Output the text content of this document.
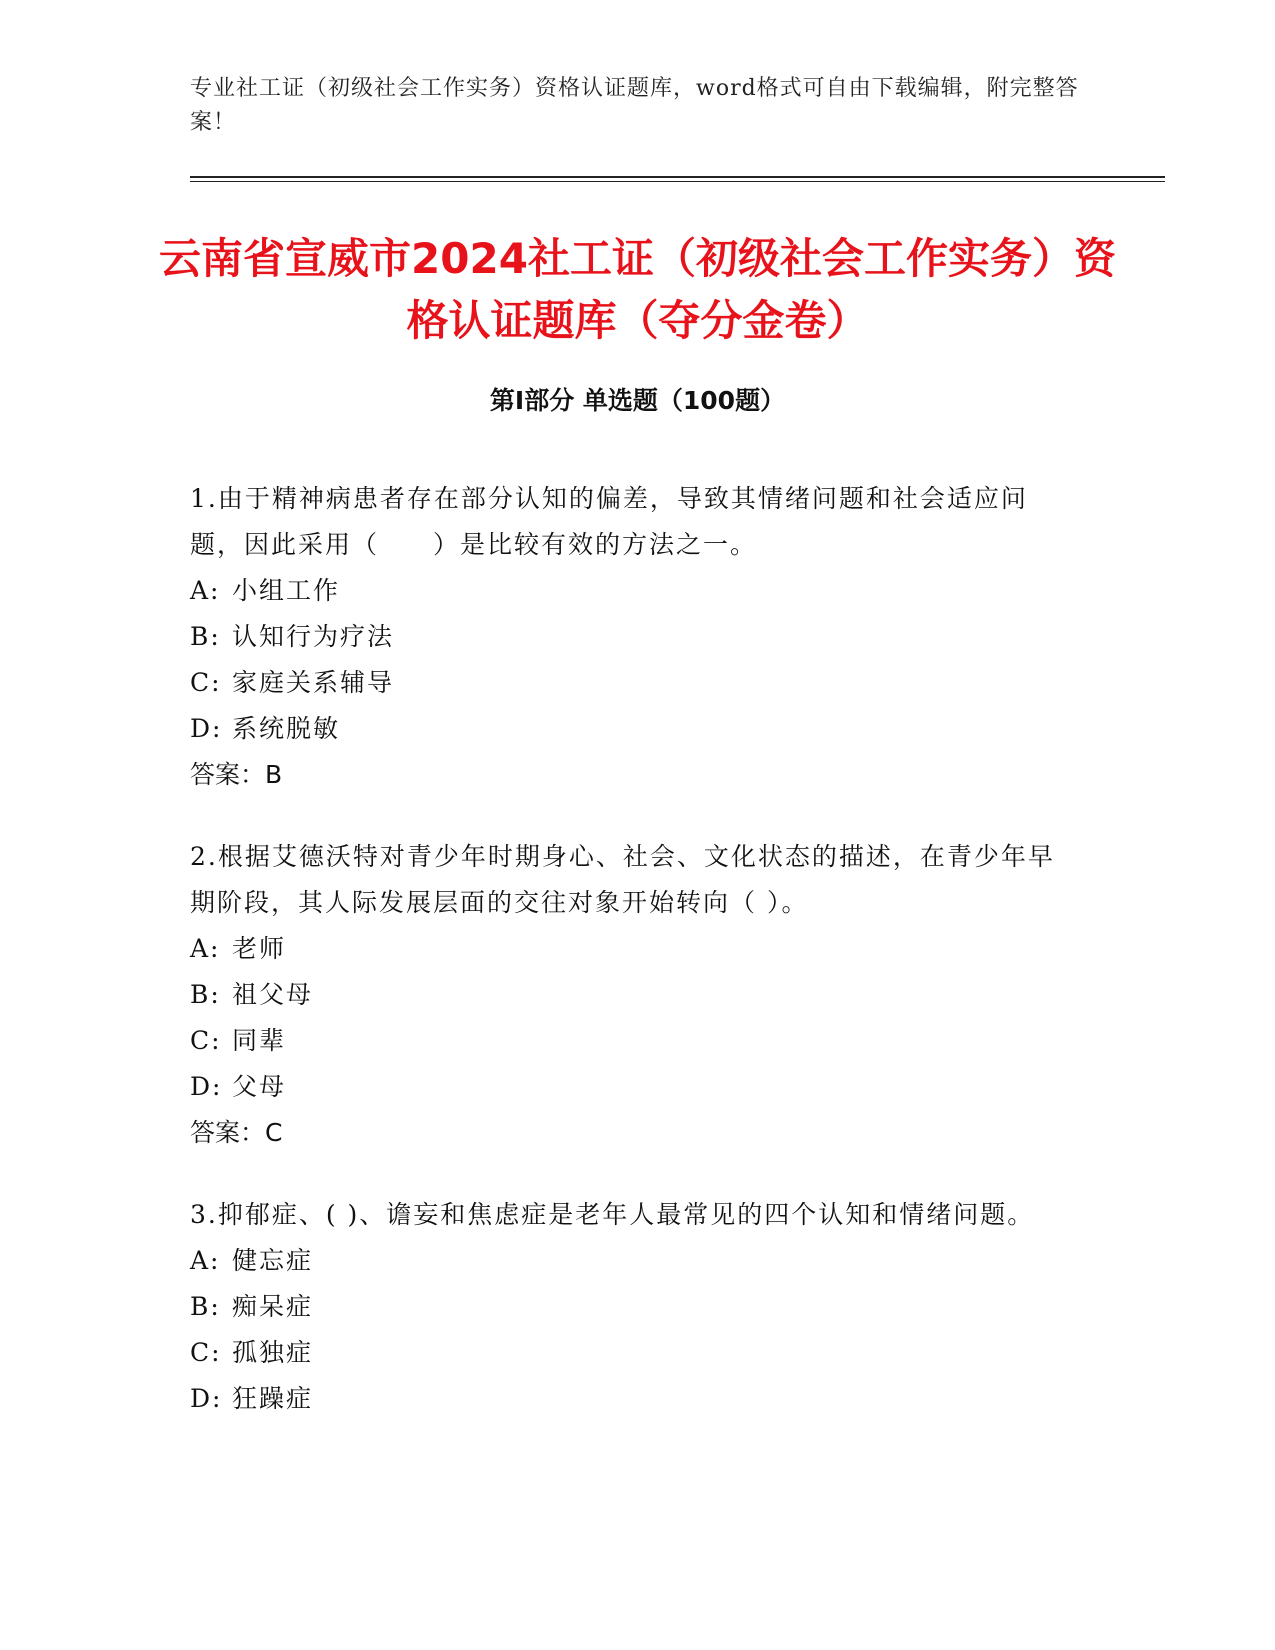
专业社工证（初级社会工作实务）资格认证题库，word格式可自由下载编辑，附完整答案！
云南省宣威市2024社工证（初级社会工作实务）资格认证题库（夺分金卷）
第Ⅰ部分 单选题（100题）
1.由于精神病患者存在部分认知的偏差，导致其情绪问题和社会适应问题，因此采用（　　）是比较有效的方法之一。
A: 小组工作
B: 认知行为疗法
C: 家庭关系辅导
D: 系统脱敏
答案：B
2.根据艾德沃特对青少年时期身心、社会、文化状态的描述，在青少年早期阶段，其人际发展层面的交往对象开始转向（ ）。
A: 老师
B: 祖父母
C: 同辈
D: 父母
答案：C
3.抑郁症、( )、谵妄和焦虑症是老年人最常见的四个认知和情绪问题。
A: 健忘症
B: 痴呆症
C: 孤独症
D: 狂躁症
